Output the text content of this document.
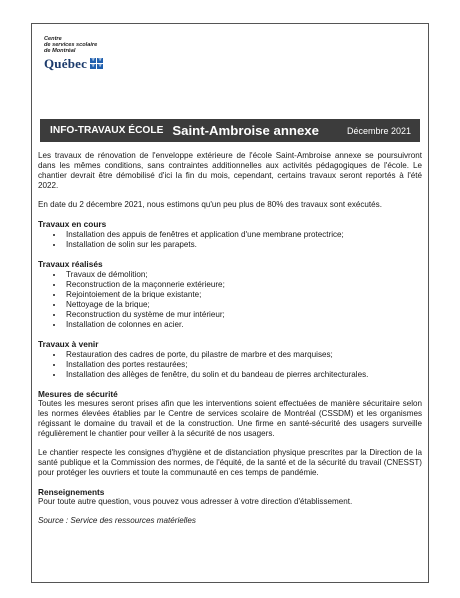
Centre
de services scolaire
de Montréal
Québec ⚜ ⚜
⚜ ⚜
INFO-TRAVAUX ÉCOLE Saint-Ambroise annexe	Décembre 2021

Les travaux de rénovation de l'enveloppe extérieure de l'école Saint-Ambroise annexe se poursuivront dans les mêmes conditions, sans contraintes additionnelles aux activités pédagogiques de l'école. Le chantier devrait être démobilisé d'ici la fin du mois, cependant, certains travaux seront reportés à l'été 2022.

En date du 2 décembre 2021, nous estimons qu'un peu plus de 80% des travaux sont exécutés.

Travaux en cours
• Installation des appuis de fenêtres et application d'une membrane protectrice;
• Installation de solin sur les parapets.
Travaux réalisés
• Travaux de démolition;
• Reconstruction de la maçonnerie extérieure;
• Rejointoiement de la brique existante;
• Nettoyage de la brique;
• Reconstruction du système de mur intérieur;
• Installation de colonnes en acier.
Travaux à venir
• Restauration des cadres de porte, du pilastre de marbre et des marquises;
• Installation des portes restaurées;
• Installation des allèges de fenêtre, du solin et du bandeau de pierres architecturales.
Mesures de sécurité

Toutes les mesures seront prises afin que les interventions soient effectuées de manière sécuritaire selon les normes élevées établies par le Centre de services scolaire de Montréal (CSSDM) et les organismes régissant le domaine du travail et de la construction. Une firme en santé-sécurité des usagers surveille régulièrement le chantier pour veiller à la sécurité de nos usagers.

Le chantier respecte les consignes d'hygiène et de distanciation physique prescrites par la Direction de la santé publique et la Commission des normes, de l'équité, de la santé et de la sécurité du travail (CNESST) pour protéger les ouvriers et toute la communauté en ces temps de pandémie.

Renseignements

Pour toute autre question, vous pouvez vous adresser à votre direction d'établissement.

Source : Service des ressources matérielles
